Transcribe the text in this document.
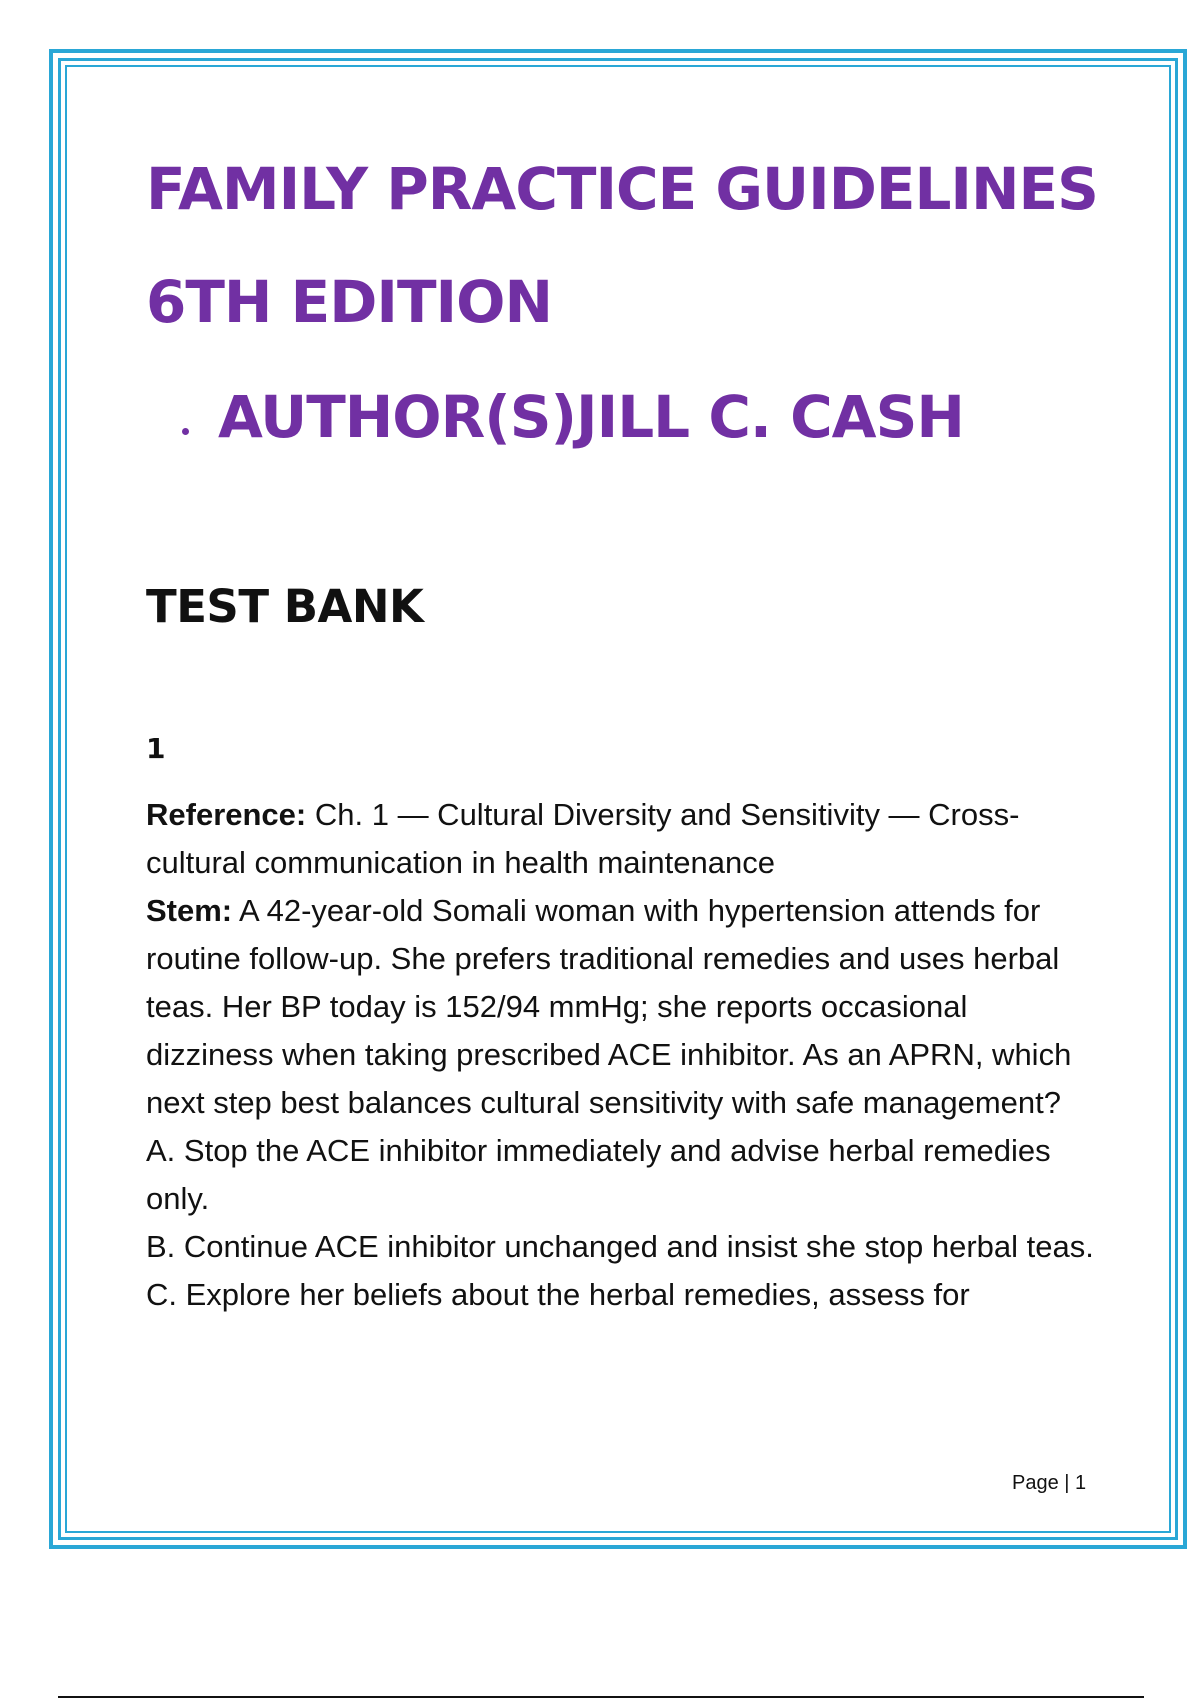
FAMILY PRACTICE GUIDELINES
6TH EDITION
AUTHOR(S)JILL C. CASH
TEST BANK
1

Reference: Ch. 1 — Cultural Diversity and Sensitivity — Cross-cultural communication in health maintenance

Stem: A 42-year-old Somali woman with hypertension attends for routine follow-up. She prefers traditional remedies and uses herbal teas. Her BP today is 152/94 mmHg; she reports occasional dizziness when taking prescribed ACE inhibitor. As an APRN, which next step best balances cultural sensitivity with safe management?

A. Stop the ACE inhibitor immediately and advise herbal remedies only.

B. Continue ACE inhibitor unchanged and insist she stop herbal teas.

C. Explore her beliefs about the herbal remedies, assess for

Page | 1
